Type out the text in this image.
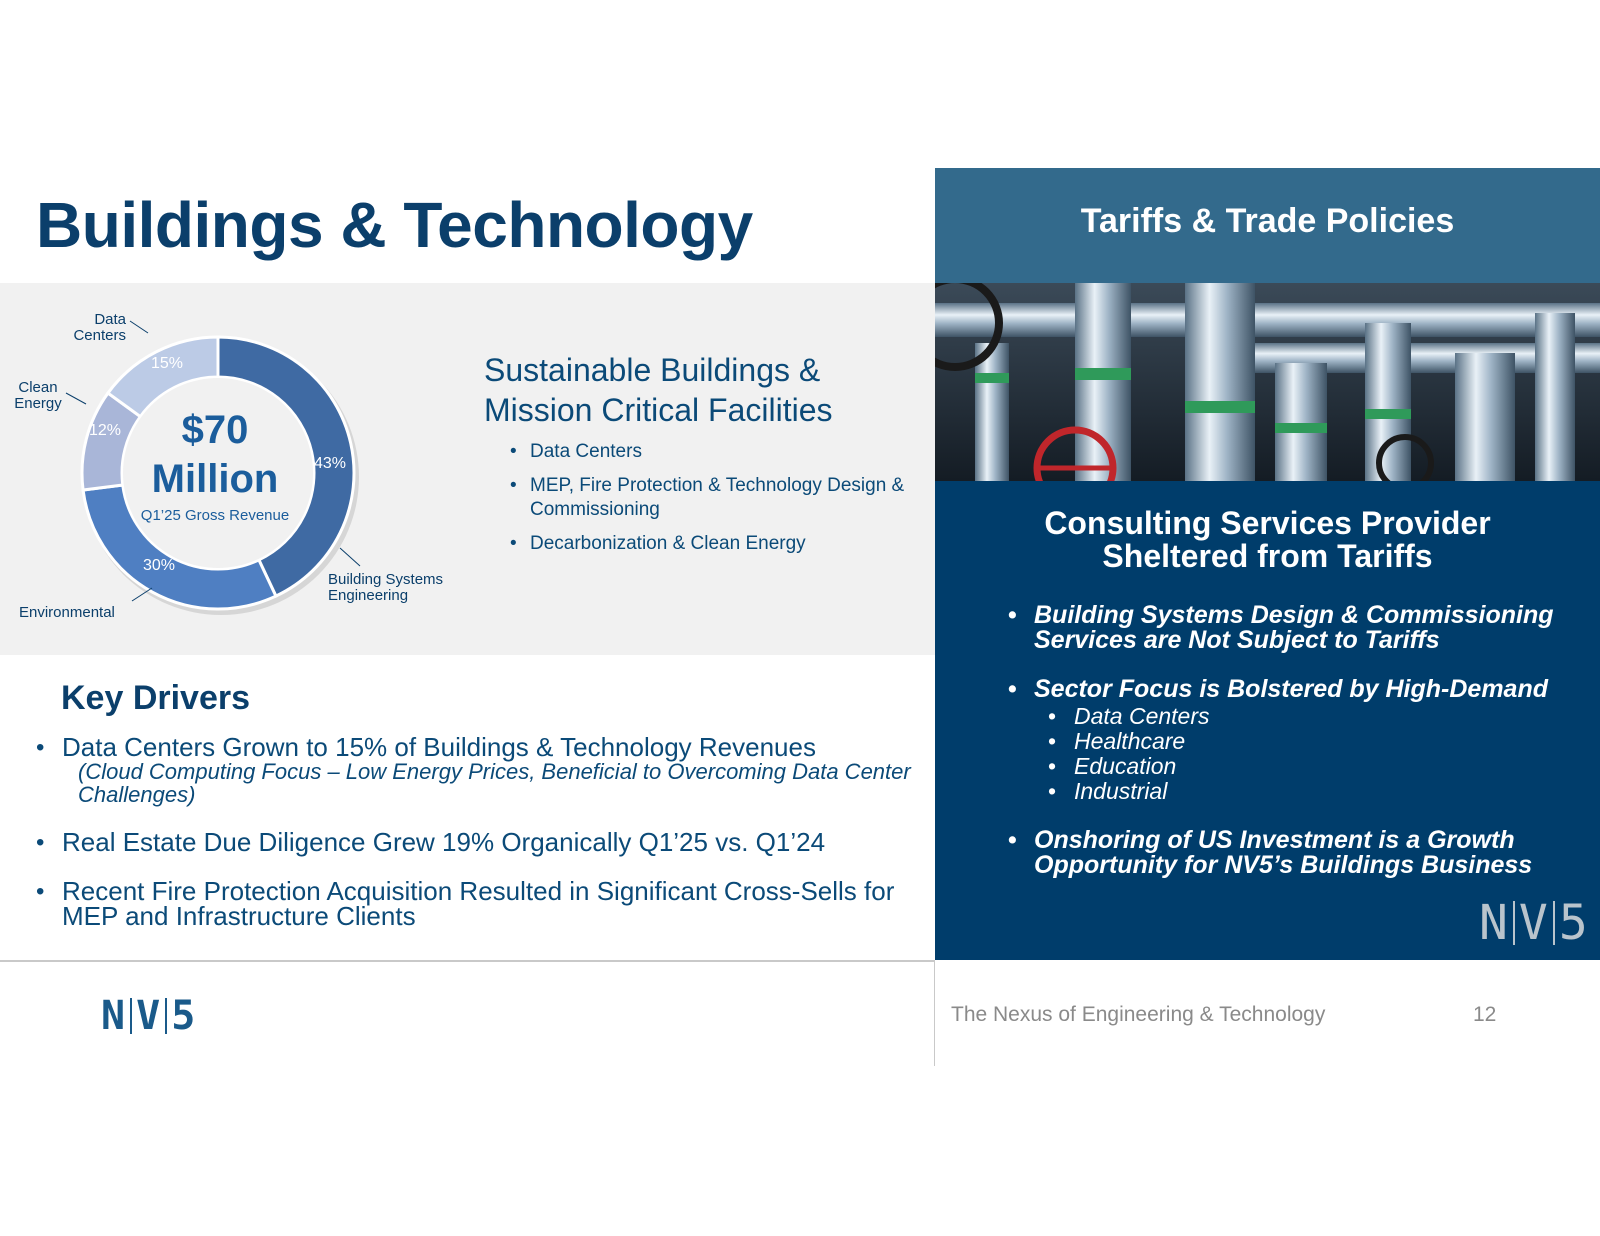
Buildings & Technology
$70
Million
Q1’25 Gross Revenue
43%
30%
12%
15%
Building Systems
Engineering
Environmental
Clean
Energy
Data
Centers
Sustainable Buildings &
Mission Critical Facilities
• Data Centers
• MEP, Fire Protection & Technology Design & Commissioning
• Decarbonization & Clean Energy
Key Drivers
• Data Centers Grown to 15% of Buildings & Technology Revenues
(Cloud Computing Focus – Low Energy Prices, Beneficial to Overcoming Data Center Challenges)
• Real Estate Due Diligence Grew 19% Organically Q1’25 vs. Q1’24
• Recent Fire Protection Acquisition Resulted in Significant Cross-Sells for MEP and Infrastructure Clients
Tariffs & Trade Policies
Consulting Services Provider
Sheltered from Tariffs
• Building Systems Design & Commissioning Services are Not Subject to Tariffs
• Sector Focus is Bolstered by High-Demand
• Data Centers
• Healthcare
• Education
• Industrial
• Onshoring of US Investment is a Growth Opportunity for NV5’s Buildings Business
N V 5
N V 5	The Nexus of Engineering & Technology	12
